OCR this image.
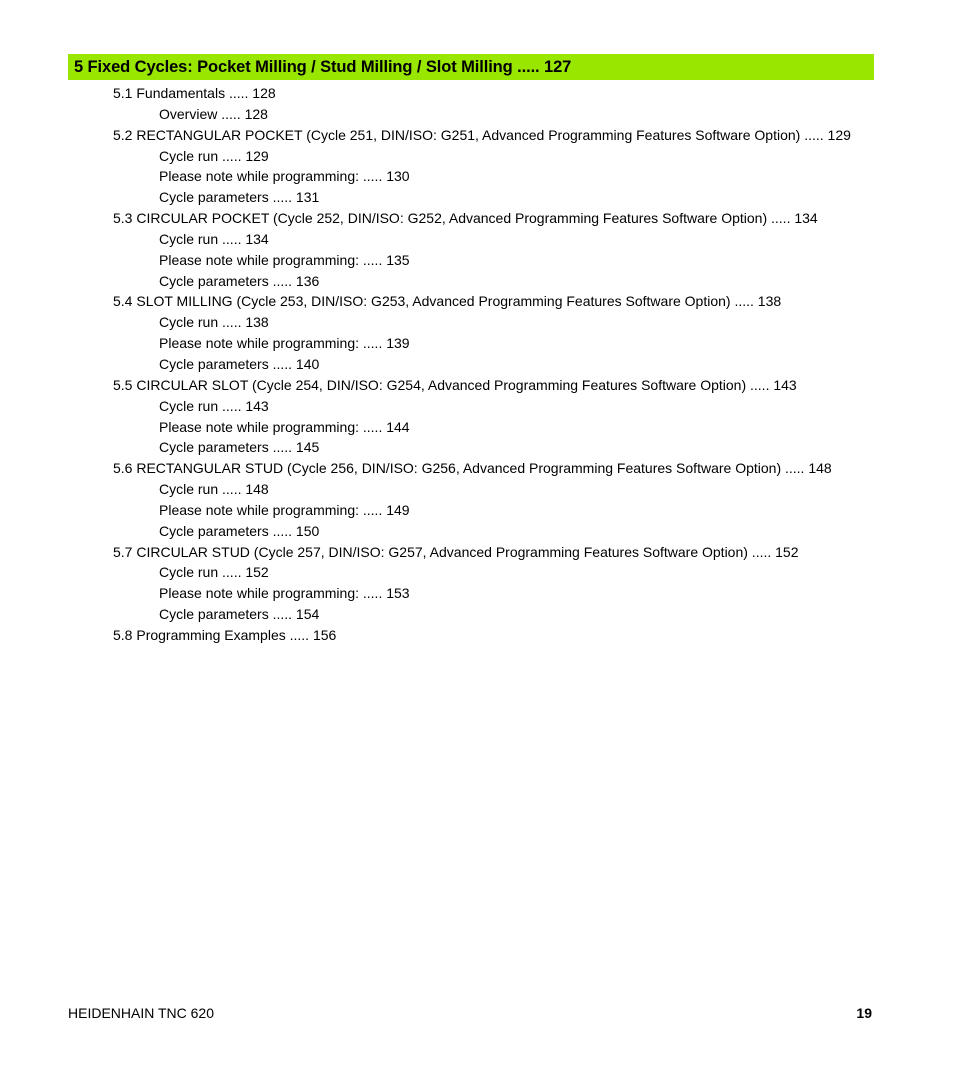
5 Fixed Cycles: Pocket Milling / Stud Milling / Slot Milling ..... 127
5.1 Fundamentals ..... 128
Overview ..... 128
5.2 RECTANGULAR POCKET (Cycle 251, DIN/ISO: G251, Advanced Programming Features Software Option) ..... 129
Cycle run ..... 129
Please note while programming: ..... 130
Cycle parameters ..... 131
5.3 CIRCULAR POCKET (Cycle 252, DIN/ISO: G252, Advanced Programming Features Software Option) ..... 134
Cycle run ..... 134
Please note while programming: ..... 135
Cycle parameters ..... 136
5.4 SLOT MILLING (Cycle 253, DIN/ISO: G253, Advanced Programming Features Software Option) ..... 138
Cycle run ..... 138
Please note while programming: ..... 139
Cycle parameters ..... 140
5.5 CIRCULAR SLOT (Cycle 254, DIN/ISO: G254, Advanced Programming Features Software Option) ..... 143
Cycle run ..... 143
Please note while programming: ..... 144
Cycle parameters ..... 145
5.6 RECTANGULAR STUD (Cycle 256, DIN/ISO: G256, Advanced Programming Features Software Option) ..... 148
Cycle run ..... 148
Please note while programming: ..... 149
Cycle parameters ..... 150
5.7 CIRCULAR STUD (Cycle 257, DIN/ISO: G257, Advanced Programming Features Software Option) ..... 152
Cycle run ..... 152
Please note while programming: ..... 153
Cycle parameters ..... 154
5.8 Programming Examples ..... 156
HEIDENHAIN TNC 620	19
